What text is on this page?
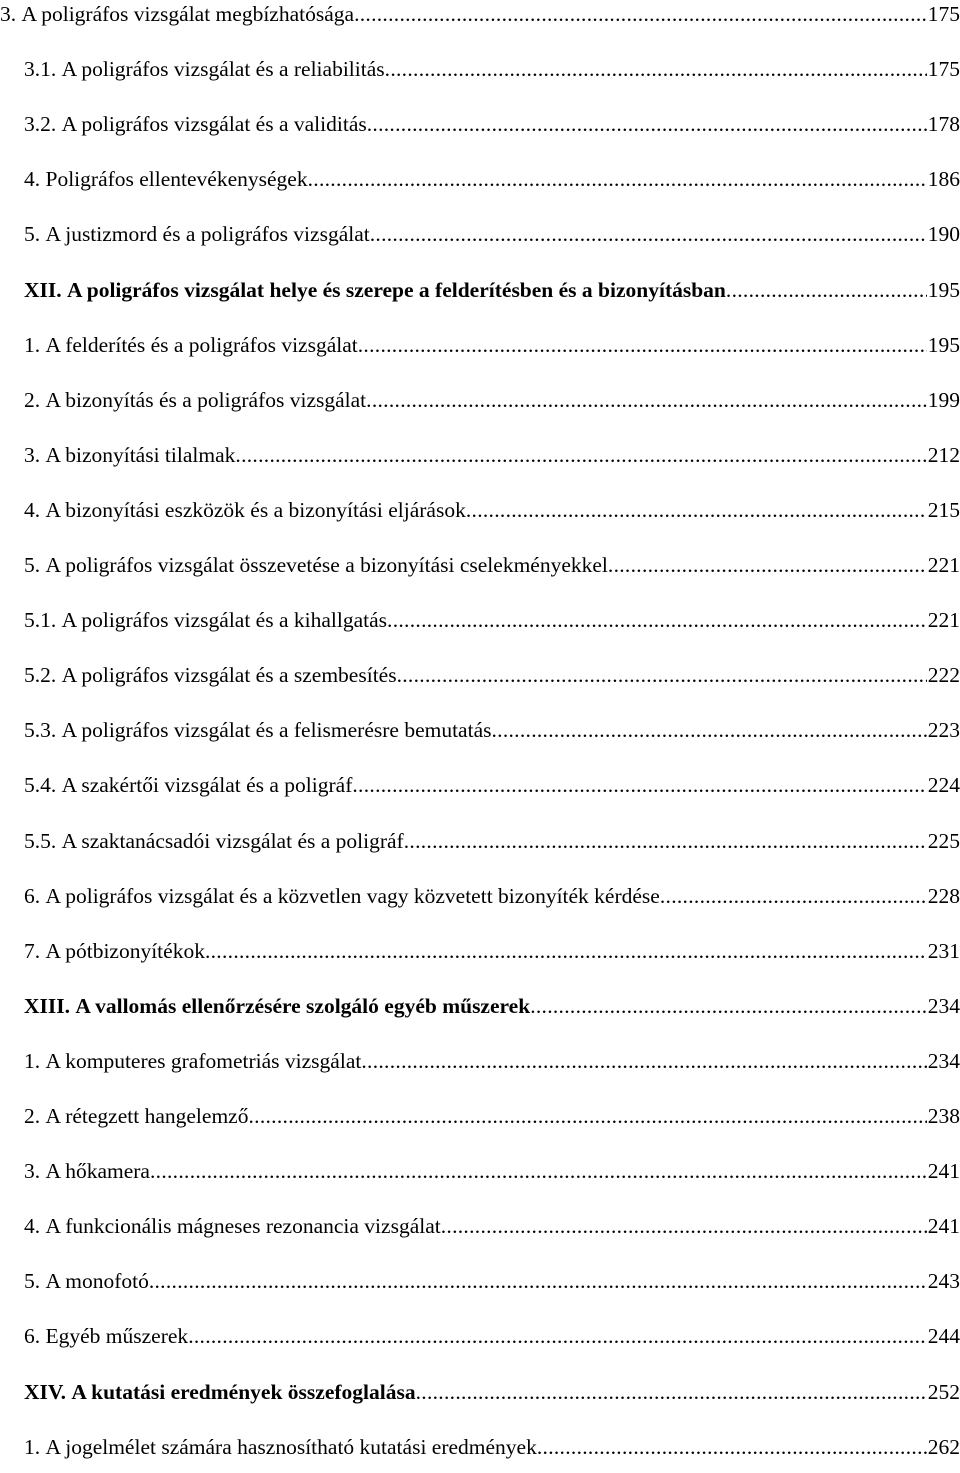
3. A poligráfos vizsgálat megbízhatósága .....	175
3.1. A poligráfos vizsgálat és a reliabilitás .....	175
3.2. A poligráfos vizsgálat és a validitás .....	178
4. Poligráfos ellentevékenységek .....	186
5. A justizmord és a poligráfos vizsgálat .....	190
XII. A poligráfos vizsgálat helye és szerepe a felderítésben és a bizonyításban .....	195
1. A felderítés és a poligráfos vizsgálat .....	195
2. A bizonyítás és a poligráfos vizsgálat .....	199
3. A bizonyítási tilalmak .....	212
4. A bizonyítási eszközök és a bizonyítási eljárások .....	215
5. A poligráfos vizsgálat összevetése a bizonyítási cselekményekkel .....	221
5.1. A poligráfos vizsgálat és a kihallgatás .....	221
5.2. A poligráfos vizsgálat és a szembesítés .....	222
5.3. A poligráfos vizsgálat és a felismerésre bemutatás .....	223
5.4. A szakértői vizsgálat és a poligráf .....	224
5.5. A szaktanácsadói vizsgálat és a poligráf .....	225
6. A poligráfos vizsgálat és a közvetlen vagy közvetett bizonyíték kérdése .....	228
7. A pótbizonyítékok .....	231
XIII. A vallomás ellenőrzésére szolgáló egyéb műszerek .....	234
1. A komputeres grafometriás vizsgálat .....	234
2. A rétegzett hangelemző .....	238
3. A hőkamera .....	241
4. A funkcionális mágneses rezonancia vizsgálat .....	241
5. A monofotó .....	243
6. Egyéb műszerek .....	244
XIV. A kutatási eredmények összefoglalása .....	252
1. A jogelmélet számára hasznosítható kutatási eredmények .....	262
